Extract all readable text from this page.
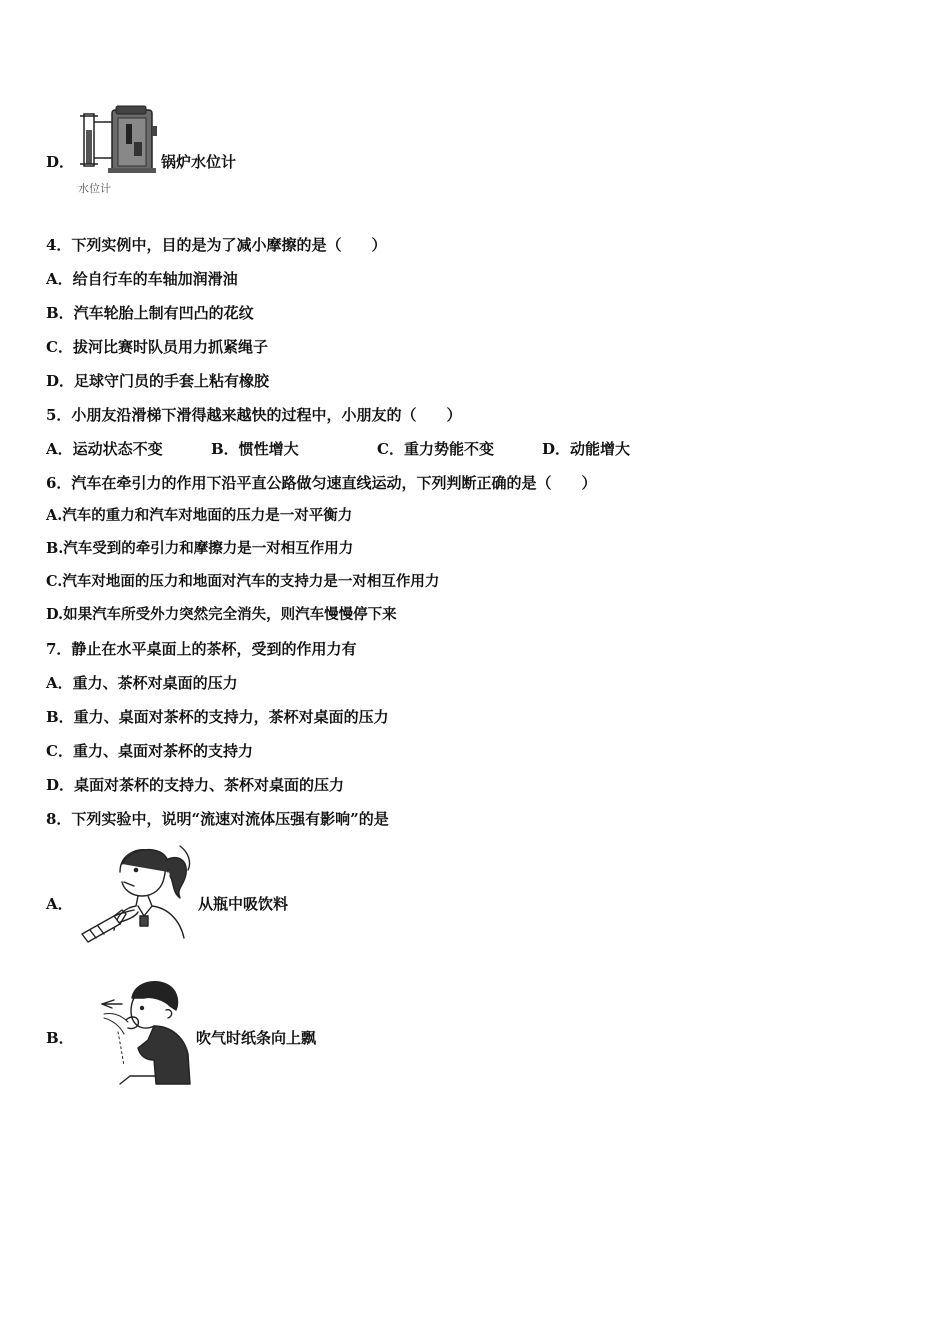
D．
水位计
锅炉水位计
4．下列实例中，目的是为了减小摩擦的是（　　）
A．给自行车的车轴加润滑油
B．汽车轮胎上制有凹凸的花纹
C．拔河比赛时队员用力抓紧绳子
D．足球守门员的手套上粘有橡胶
5．小朋友沿滑梯下滑得越来越快的过程中，小朋友的（　　）
A．运动状态不变	B．惯性增大	C．重力势能不变	D．动能增大
6．汽车在牵引力的作用下沿平直公路做匀速直线运动，下列判断正确的是（　　）
A.汽车的重力和汽车对地面的压力是一对平衡力
B.汽车受到的牵引力和摩擦力是一对相互作用力
C.汽车对地面的压力和地面对汽车的支持力是一对相互作用力
D.如果汽车所受外力突然完全消失，则汽车慢慢停下来
7．静止在水平桌面上的茶杯，受到的作用力有
A．重力、茶杯对桌面的压力
B．重力、桌面对茶杯的支持力，茶杯对桌面的压力
C．重力、桌面对茶杯的支持力
D．桌面对茶杯的支持力、茶杯对桌面的压力
8．下列实验中，说明“流速对流体压强有影响”的是
A．	从瓶中吸饮料
B．	吹气时纸条向上飘
